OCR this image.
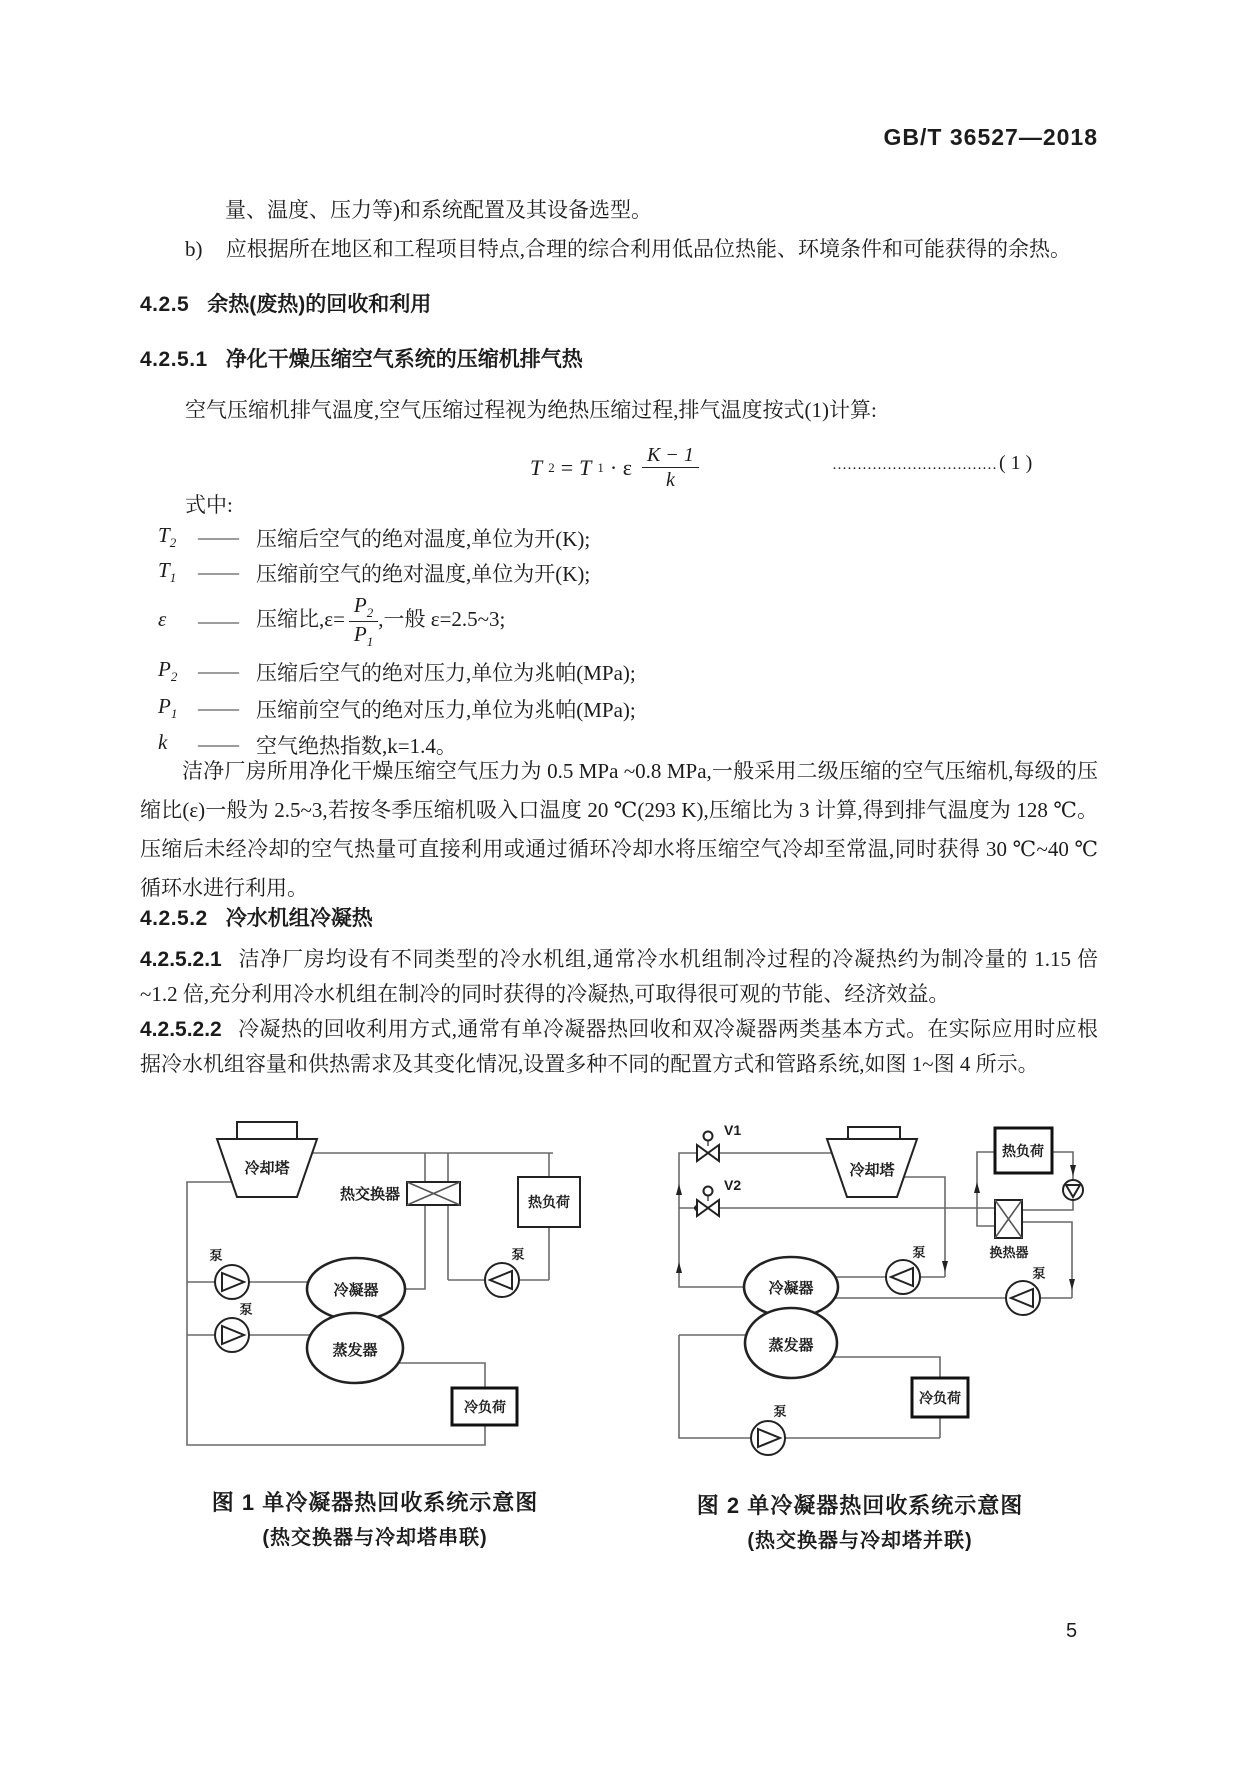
GB/T 36527—2018
量、温度、压力等)和系统配置及其设备选型。
b) 应根据所在地区和工程项目特点,合理的综合利用低品位热能、环境条件和可能获得的余热。
4.2.5 余热(废热)的回收和利用
4.2.5.1 净化干燥压缩空气系统的压缩机排气热
空气压缩机排气温度,空气压缩过程视为绝热压缩过程,排气温度按式(1)计算:
T 2 = T 1 · ε $\frac{K - 1}{k}$	…………………………… ( 1 )
式中:
$T_2$	—— 压缩后空气的绝对温度,单位为开(K);
$T_1$	—— 压缩前空气的绝对温度,单位为开(K);
ε	—— 压缩比$,\varepsilon= \frac{P_2}{P_1}$ ,一般 ε=2.5~3;
$P_2$ —— 压缩后空气的绝对压力,单位为兆帕(MPa);
$P_1$ —— 压缩前空气的绝对压力,单位为兆帕(MPa);
k	—— 空气绝热指数,k=1.4。
洁净厂房所用净化干燥压缩空气压力为 0.5 MPa ~0.8 MPa,一般采用二级压缩的空气压缩机,每级的压缩比(ε)一般为 2.5~3,若按冬季压缩机吸入口温度 20 ℃(293 K),压缩比为 3 计算,得到排气温度为 128 ℃。压缩后未经冷却的空气热量可直接利用或通过循环冷却水将压缩空气冷却至常温,同时获得 30 ℃~40 ℃循环水进行利用。
4.2.5.2 冷水机组冷凝热
4.2.5.2.1 洁净厂房均设有不同类型的冷水机组,通常冷水机组制冷过程的冷凝热约为制冷量的 1.15 倍~1.2 倍,充分利用冷水机组在制冷的同时获得的冷凝热,可取得很可观的节能、经济效益。
4.2.5.2.2 冷凝热的回收利用方式,通常有单冷凝器热回收和双冷凝器两类基本方式。在实际应用时应根据冷水机组容量和供热需求及其变化情况,设置多种不同的配置方式和管路系统,如图 1~图 4 所示。
冷却塔
热交换器	热负荷
冷凝器
蒸发器
冷负荷
泵
泵
泵
V1
V2
冷却塔
热负荷
换热器
冷凝器
蒸发器
冷负荷
泵
泵
泵
图 1 单冷凝器热回收系统示意图
(热交换器与冷却塔串联)
图 2 单冷凝器热回收系统示意图
(热交换器与冷却塔并联)
5
